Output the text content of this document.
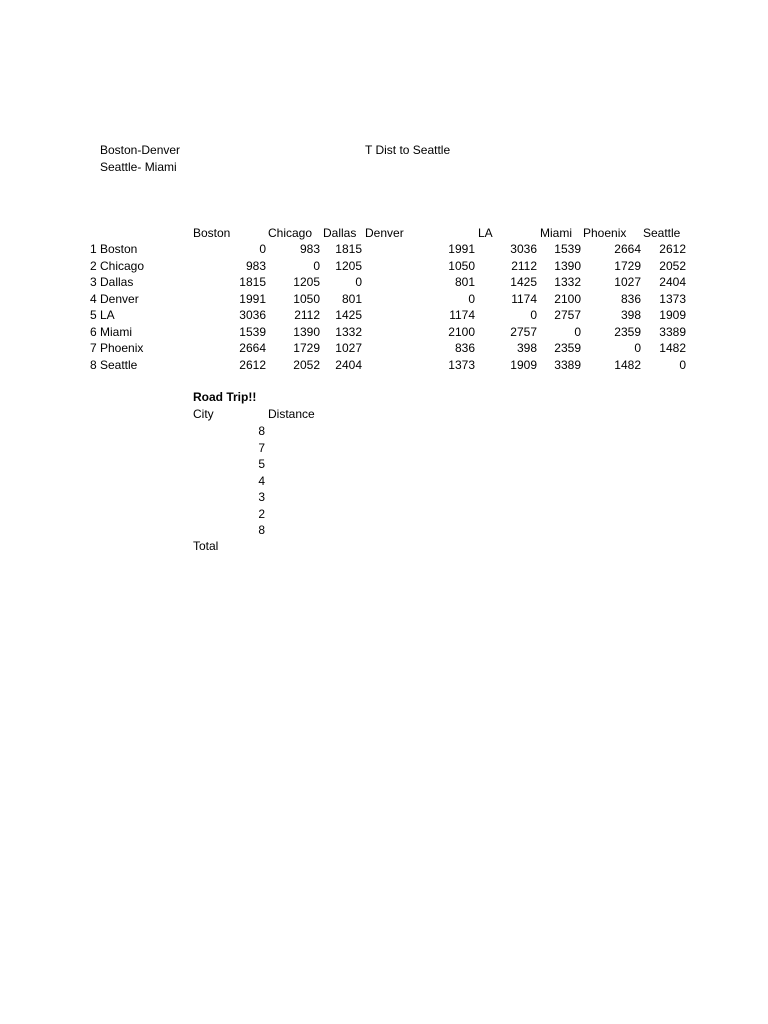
Boston-Denver
Seattle- Miami
T Dist to Seattle
Boston	Chicago Dallas Denver	LA	Miami Phoenix Seattle
1 Boston	0	983 1815	1991	3036 1539	2664 2612
2 Chicago	983	0 1205	1050	2112 1390	1729 2052
3 Dallas	1815 1205	0	801	1425 1332	1027 2404
4 Denver	1991 1050 801	0	1174 2100	836 1373
5 LA	3036 2112 1425	1174	0 2757	398 1909
6 Miami	1539 1390 1332	2100	2757	0	2359 3389
7 Phoenix	2664 1729 1027	836	398 2359	0 1482
8 Seattle	2612 2052 2404	1373	1909 3389	1482	0
Road Trip!!
City	Distance
8
7
5
4
3
2
8
Total
